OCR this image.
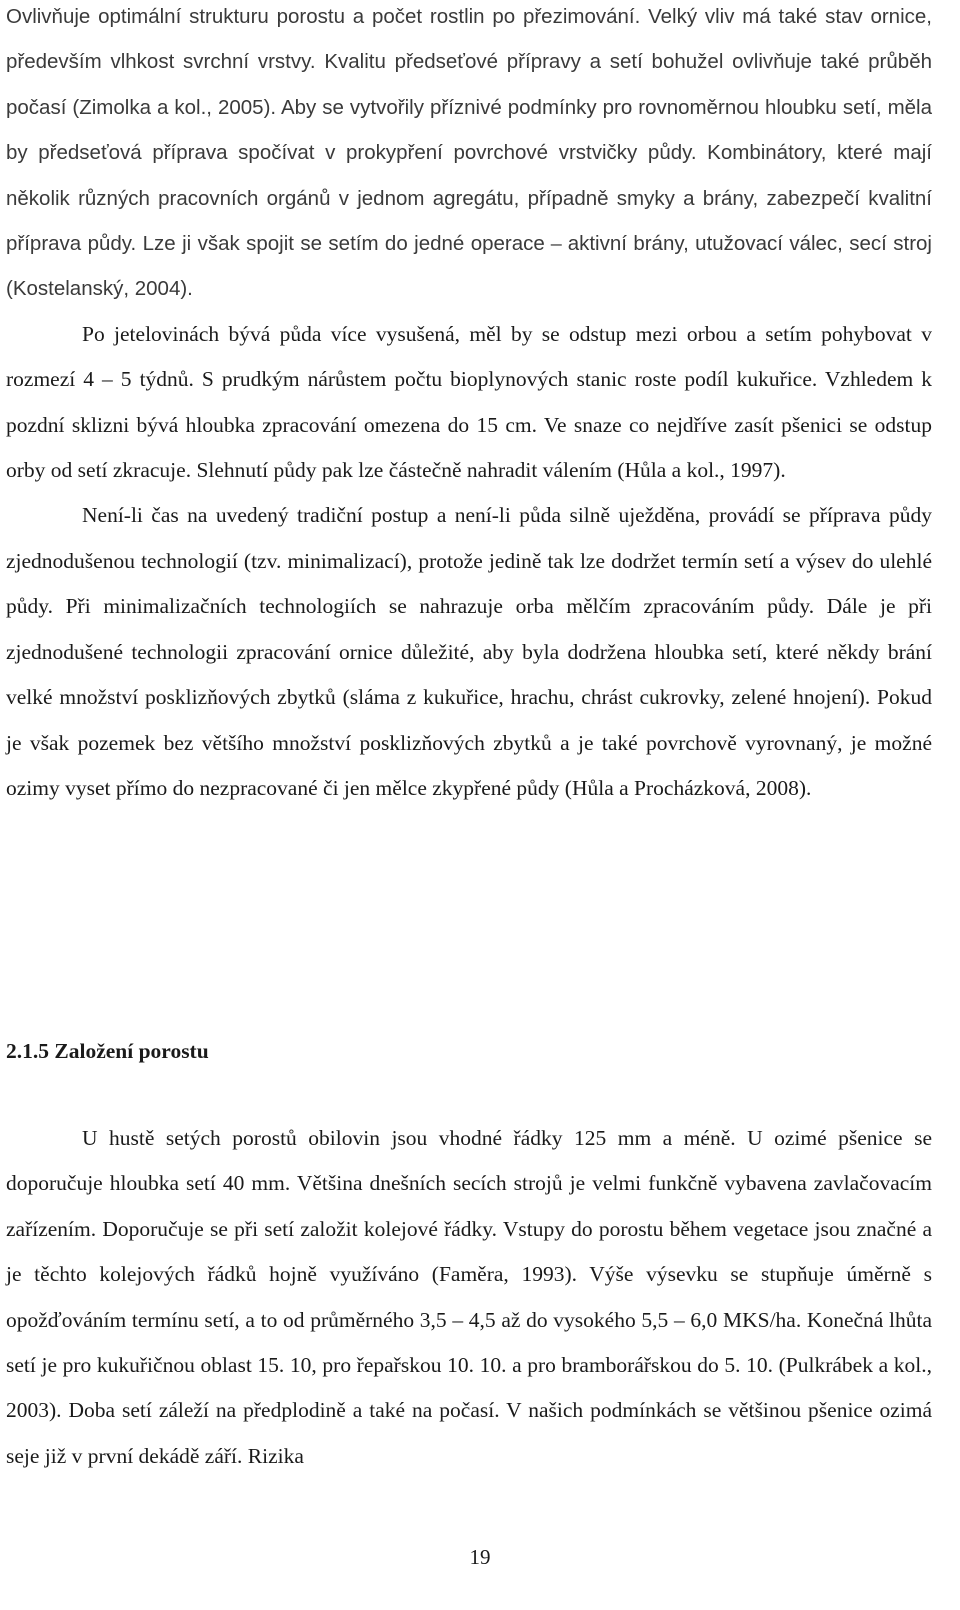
Ovlivňuje optimální strukturu porostu a počet rostlin po přezimování. Velký vliv má také stav ornice, především vlhkost svrchní vrstvy. Kvalitu předseťové přípravy a setí bohužel ovlivňuje také průběh počasí (Zimolka a kol., 2005). Aby se vytvořily příznivé podmínky pro rovnoměrnou hloubku setí, měla by předseťová příprava spočívat v prokypření povrchové vrstvičky půdy. Kombinátory, které mají několik různých pracovních orgánů v jednom agregátu, případně smyky a brány, zabezpečí kvalitní příprava půdy. Lze ji však spojit se setím do jedné operace – aktivní brány, utužovací válec, secí stroj (Kostelanský, 2004).

Po jetelovinách bývá půda více vysušená, měl by se odstup mezi orbou a setím pohybovat v rozmezí 4 – 5 týdnů. S prudkým nárůstem počtu bioplynových stanic roste podíl kukuřice. Vzhledem k pozdní sklizni bývá hloubka zpracování omezena do 15 cm. Ve snaze co nejdříve zasít pšenici se odstup orby od setí zkracuje. Slehnutí půdy pak lze částečně nahradit válením (Hůla a kol., 1997).

Není-li čas na uvedený tradiční postup a není-li půda silně uježděna, provádí se příprava půdy zjednodušenou technologií (tzv. minimalizací), protože jedině tak lze dodržet termín setí a výsev do ulehlé půdy. Při minimalizačních technologiích se nahrazuje orba mělčím zpracováním půdy. Dále je při zjednodušené technologii zpracování ornice důležité, aby byla dodržena hloubka setí, které někdy brání velké množství posklizňových zbytků (sláma z kukuřice, hrachu, chrást cukrovky, zelené hnojení). Pokud je však pozemek bez většího množství posklizňových zbytků a je také povrchově vyrovnaný, je možné ozimy vyset přímo do nezpracované či jen mělce zkypřené půdy (Hůla a Procházková, 2008).

2.1.5 Založení porostu

U hustě setých porostů obilovin jsou vhodné řádky 125 mm a méně. U ozimé pšenice se doporučuje hloubka setí 40 mm. Většina dnešních secích strojů je velmi funkčně vybavena zavlačovacím zařízením. Doporučuje se při setí založit kolejové řádky. Vstupy do porostu během vegetace jsou značné a je těchto kolejových řádků hojně využíváno (Faměra, 1993). Výše výsevku se stupňuje úměrně s opožďováním termínu setí, a to od průměrného 3,5 – 4,5 až do vysokého 5,5 – 6,0 MKS/ha. Konečná lhůta setí je pro kukuřičnou oblast 15. 10, pro řepařskou 10. 10. a pro bramborářskou do 5. 10. (Pulkrábek a kol., 2003). Doba setí záleží na předplodině a také na počasí. V našich podmínkách se většinou pšenice ozimá seje již v první dekádě září. Rizika

19
